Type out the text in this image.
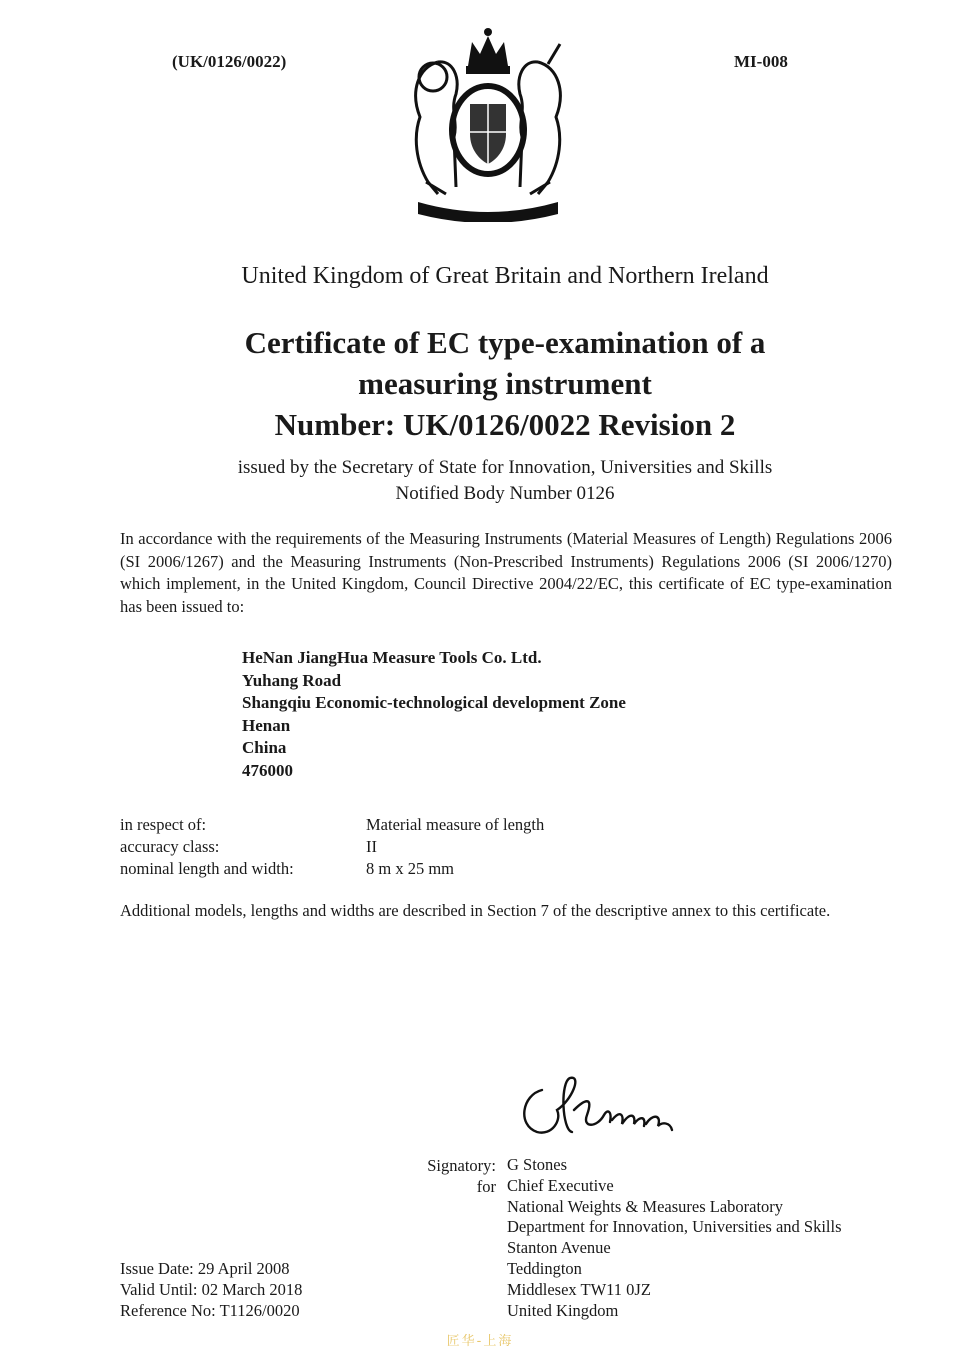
(UK/0126/0022)	MI-008
United Kingdom of Great Britain and Northern Ireland
Certificate of EC type-examination of a
measuring instrument
Number: UK/0126/0022 Revision 2
issued by the Secretary of State for Innovation, Universities and Skills
Notified Body Number 0126
In accordance with the requirements of the Measuring Instruments (Material Measures of Length) Regulations 2006 (SI 2006/1267) and the Measuring Instruments (Non-Prescribed Instruments) Regulations 2006 (SI 2006/1270) which implement, in the United Kingdom, Council Directive 2004/22/EC, this certificate of EC type-examination has been issued to:
HeNan JiangHua Measure Tools Co. Ltd.
Yuhang Road
Shangqiu Economic-technological development Zone
Henan
China
476000
in respect of:	Material measure of length
accuracy class:	II
nominal length and width:	8 m x 25 mm
Additional models, lengths and widths are described in Section 7 of the descriptive annex to this certificate.
Signatory:
for
G Stones
Chief Executive
National Weights & Measures Laboratory
Department for Innovation, Universities and Skills
Stanton Avenue
Teddington
Middlesex TW11 0JZ
United Kingdom
Issue Date: 29 April 2008
Valid Until: 02 March 2018
Reference No: T1126/0020
匠华-上海
